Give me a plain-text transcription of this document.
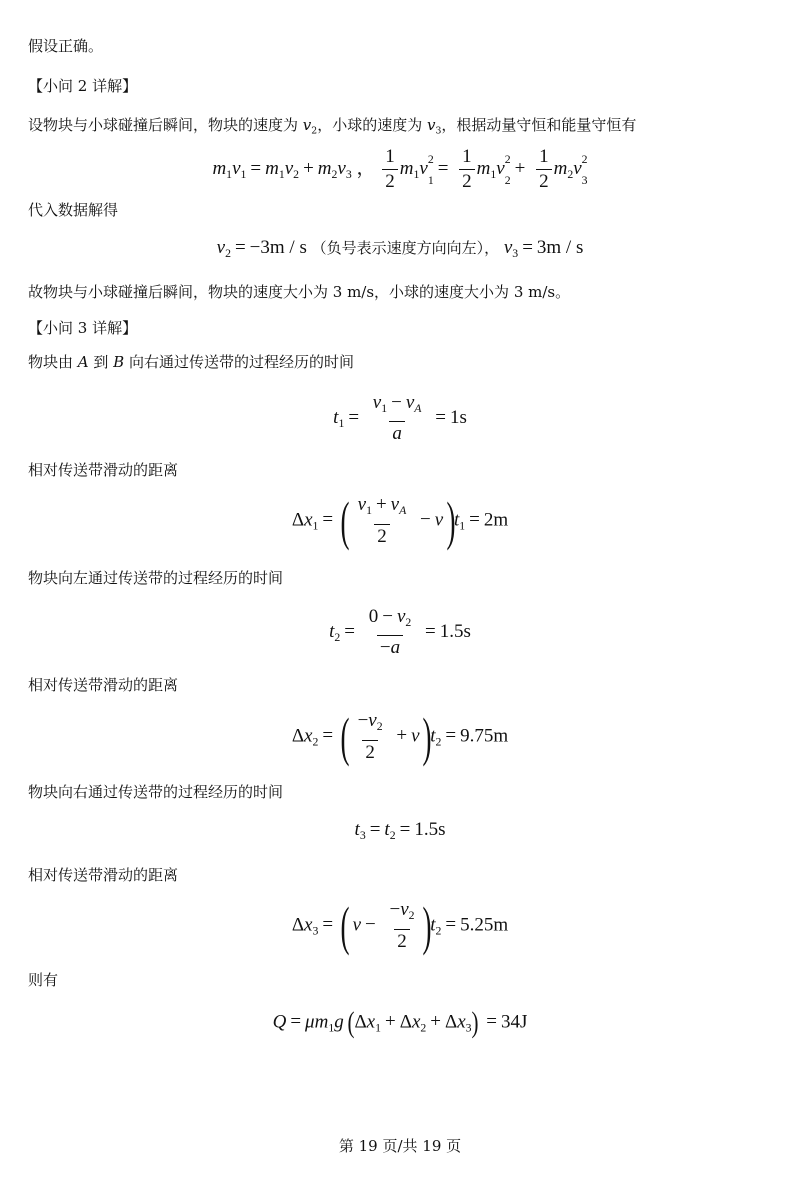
假设正确。
【小问 2 详解】
设物块与小球碰撞后瞬间，物块的速度为 $v_2$，小球的速度为 $v_3$，根据动量守恒和能量守恒有
$m_1v_1 = m_1v_2 + m_2v_3$ ， $\frac{1}{2} m_1v$ 2
1
= $\frac{1}{2} m_1v$ 2
2
+ $\frac{1}{2} m_2v$ 2
3
代入数据解得
$v_2 = -3m / s$ （负号表示速度方向向左）， $v_3 = 3m / s$
故物块与小球碰撞后瞬间，物块的速度大小为 3 m/s，小球的速度大小为 3 m/s。
【小问 3 详解】
物块由 A 到 B 向右通过传送带的过程经历的时间
$t_1 = \frac{v_1 - v_A}{a} = 1s$
相对传送带滑动的距离
$\Delta x_1$ = ( $\frac{v_1 + v_A}{2} - v$ )$t_1 = 2m$
物块向左通过传送带的过程经历的时间
$t_2 = \frac{0 - v_2}{-a} = 1.5s$
相对传送带滑动的距离
$\Delta x_2$ = ( $\frac{-v_2}{2} + v$ )$t_2 = 9.75m$
物块向右通过传送带的过程经历的时间
$t_3 = t_2 = 1.5s$
相对传送带滑动的距离
$\Delta x_3$ = ( $v - \frac{-v_2}{2} )t_2 = 5.25m$
则有
$Q = \mu m_1g$ $(\Delta x_1 + \Delta x_2 + \Delta x_3) = 34J$
第 19 页/共 19 页
